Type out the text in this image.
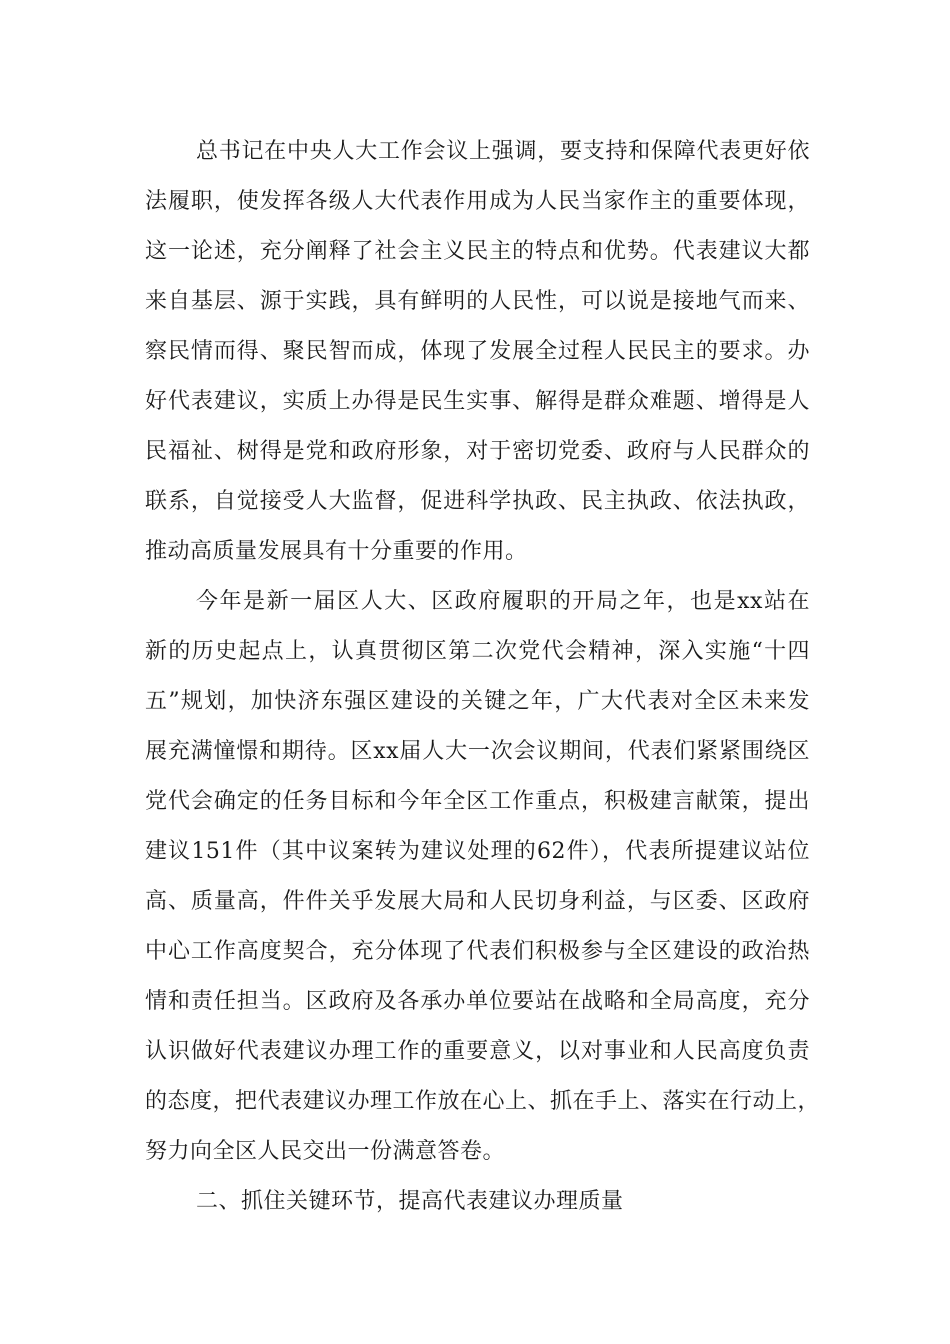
总书记在中央人大工作会议上强调，要支持和保障代表更好依
法履职，使发挥各级人大代表作用成为人民当家作主的重要体现，
这一论述，充分阐释了社会主义民主的特点和优势。代表建议大都
来自基层、源于实践，具有鲜明的人民性，可以说是接地气而来、
察民情而得、聚民智而成，体现了发展全过程人民民主的要求。办
好代表建议，实质上办得是民生实事、解得是群众难题、增得是人
民福祉、树得是党和政府形象，对于密切党委、政府与人民群众的
联系，自觉接受人大监督，促进科学执政、民主执政、依法执政，
推动高质量发展具有十分重要的作用。
今年是新一届区人大、区政府履职的开局之年，也是xx站在
新的历史起点上，认真贯彻区第二次党代会精神，深入实施“十四
五”规划，加快济东强区建设的关键之年，广大代表对全区未来发
展充满憧憬和期待。区xx届人大一次会议期间，代表们紧紧围绕区
党代会确定的任务目标和今年全区工作重点，积极建言献策，提出
建议151件（其中议案转为建议处理的62件），代表所提建议站位
高、质量高，件件关乎发展大局和人民切身利益，与区委、区政府
中心工作高度契合，充分体现了代表们积极参与全区建设的政治热
情和责任担当。区政府及各承办单位要站在战略和全局高度，充分
认识做好代表建议办理工作的重要意义，以对事业和人民高度负责
的态度，把代表建议办理工作放在心上、抓在手上、落实在行动上，
努力向全区人民交出一份满意答卷。
二、抓住关键环节，提高代表建议办理质量
